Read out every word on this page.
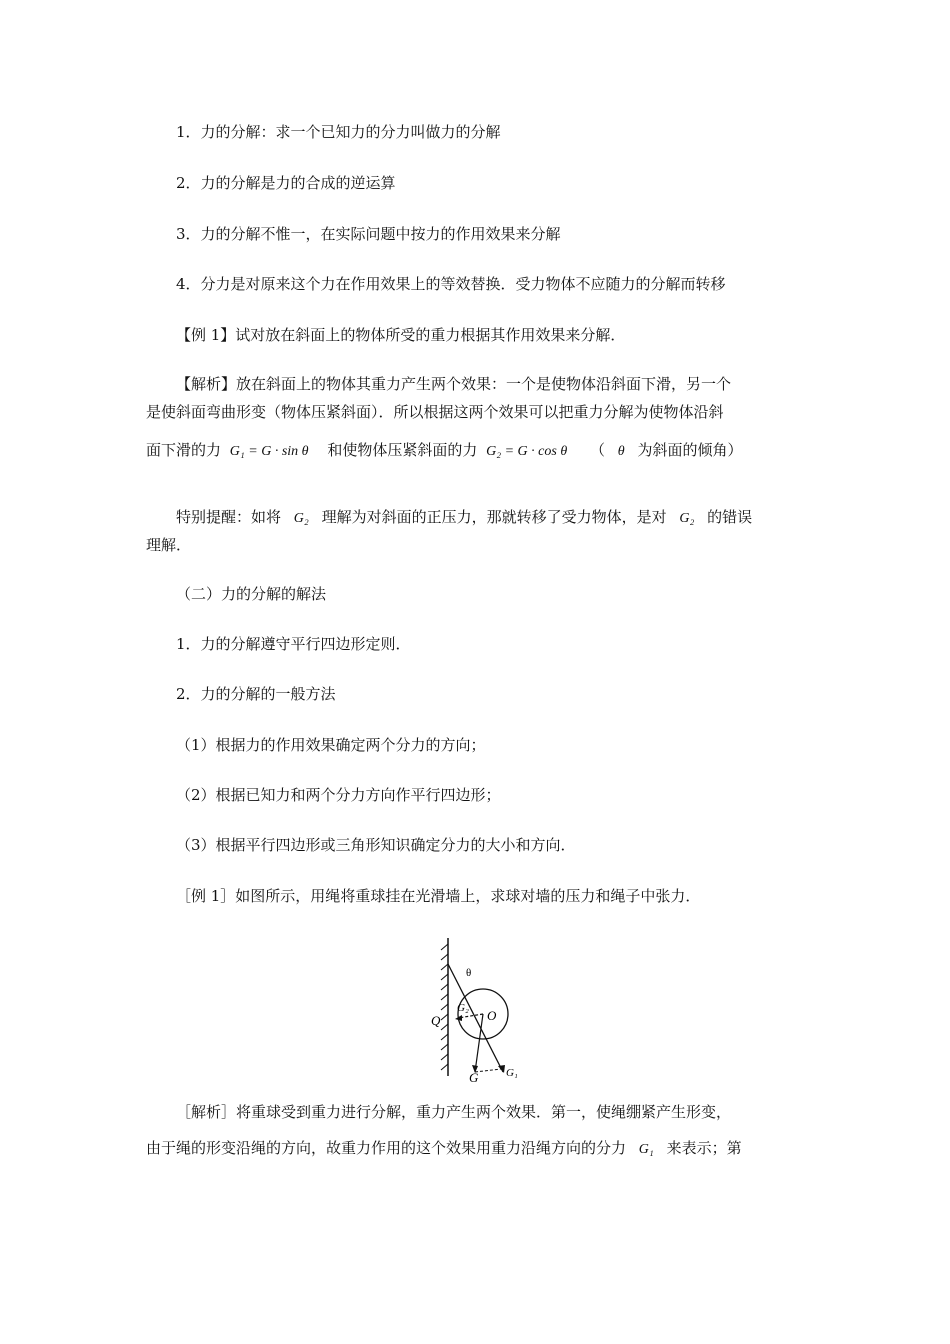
1．力的分解：求一个已知力的分力叫做力的分解
2．力的分解是力的合成的逆运算
3．力的分解不惟一，在实际问题中按力的作用效果来分解
4．分力是对原来这个力在作用效果上的等效替换．受力物体不应随力的分解而转移
【例 1】试对放在斜面上的物体所受的重力根据其作用效果来分解．
【解析】放在斜面上的物体其重力产生两个效果：一个是使物体沿斜面下滑，另一个
是使斜面弯曲形变（物体压紧斜面）．所以根据这两个效果可以把重力分解为使物体沿斜
面下滑的力 G₁ = G · sin θ 和使物体压紧斜面的力 G₂ = G · cos θ （ θ 为斜面的倾角）
特别提醒：如将 G₂ 理解为对斜面的正压力，那就转移了受力物体，是对 G₂ 的错误
理解．
（二）力的分解的解法
1．力的分解遵守平行四边形定则．
2．力的分解的一般方法
（1）根据力的作用效果确定两个分力的方向；
（2）根据已知力和两个分力方向作平行四边形；
（3）根据平行四边形或三角形知识确定分力的大小和方向．
［例 1］如图所示，用绳将重球挂在光滑墙上，求球对墙的压力和绳子中张力．
θ
G₂
Q	O
G	G₁
［解析］将重球受到重力进行分解，重力产生两个效果．第一，使绳绷紧产生形变，
由于绳的形变沿绳的方向，故重力作用的这个效果用重力沿绳方向的分力 G₁ 来表示；第
